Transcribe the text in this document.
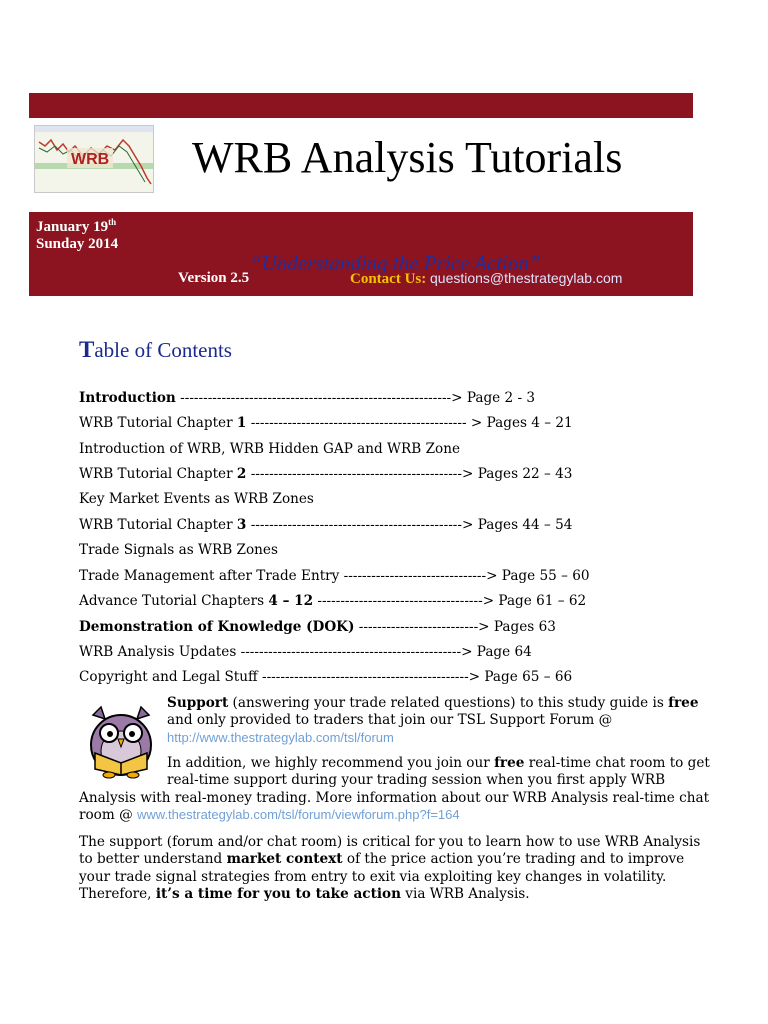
WRB WRB Analysis Tutorials
January 19th
Sunday 2014
“Understanding the Price Action”
Version 2.5	Contact Us: questions@thestrategylab.com
Table of Contents
Introduction -----------------------------------------------------------> Page 2 - 3
WRB Tutorial Chapter 1 ----------------------------------------------- > Pages 4 – 21
Introduction of WRB, WRB Hidden GAP and WRB Zone
WRB Tutorial Chapter 2 ----------------------------------------------> Pages 22 – 43
Key Market Events as WRB Zones
WRB Tutorial Chapter 3 ----------------------------------------------> Pages 44 – 54
Trade Signals as WRB Zones
Trade Management after Trade Entry -------------------------------> Page 55 – 60
Advance Tutorial Chapters 4 – 12 ------------------------------------> Page 61 – 62
Demonstration of Knowledge (DOK) --------------------------> Pages 63
WRB Analysis Updates ------------------------------------------------> Page 64
Copyright and Legal Stuff ---------------------------------------------> Page 65 – 66
Support (answering your trade related questions) to this study guide is free
and only provided to traders that join our TSL Support Forum @
http://www.thestrategylab.com/tsl/forum
In addition, we highly recommend you join our free real-time chat room to get
real-time support during your trading session when you first apply WRB
Analysis with real-money trading. More information about our WRB Analysis real-time chat
room @ www.thestrategylab.com/tsl/forum/viewforum.php?f=164
The support (forum and/or chat room) is critical for you to learn how to use WRB Analysis
to better understand market context of the price action you’re trading and to improve
your trade signal strategies from entry to exit via exploiting key changes in volatility.
Therefore, it’s a time for you to take action via WRB Analysis.
